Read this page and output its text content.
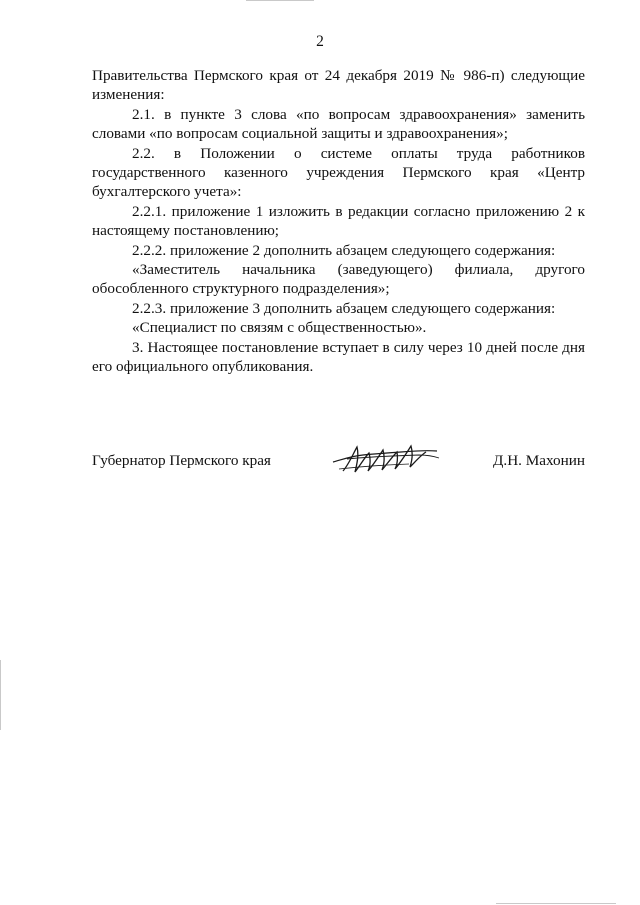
2

Правительства Пермского края от 24 декабря 2019 № 986-п) следующие изменения:

2.1. в пункте 3 слова «по вопросам здравоохранения» заменить словами «по вопросам социальной защиты и здравоохранения»;

2.2. в Положении о системе оплаты труда работников государственного казенного учреждения Пермского края «Центр бухгалтерского учета»:

2.2.1. приложение 1 изложить в редакции согласно приложению 2 к настоящему постановлению;

2.2.2. приложение 2 дополнить абзацем следующего содержания:

«Заместитель начальника (заведующего) филиала, другого обособленного структурного подразделения»;

2.2.3. приложение 3 дополнить абзацем следующего содержания:

«Специалист по связям с общественностью».

3. Настоящее постановление вступает в силу через 10 дней после дня его официального опубликования.

Губернатор Пермского края	Д.Н. Махонин
